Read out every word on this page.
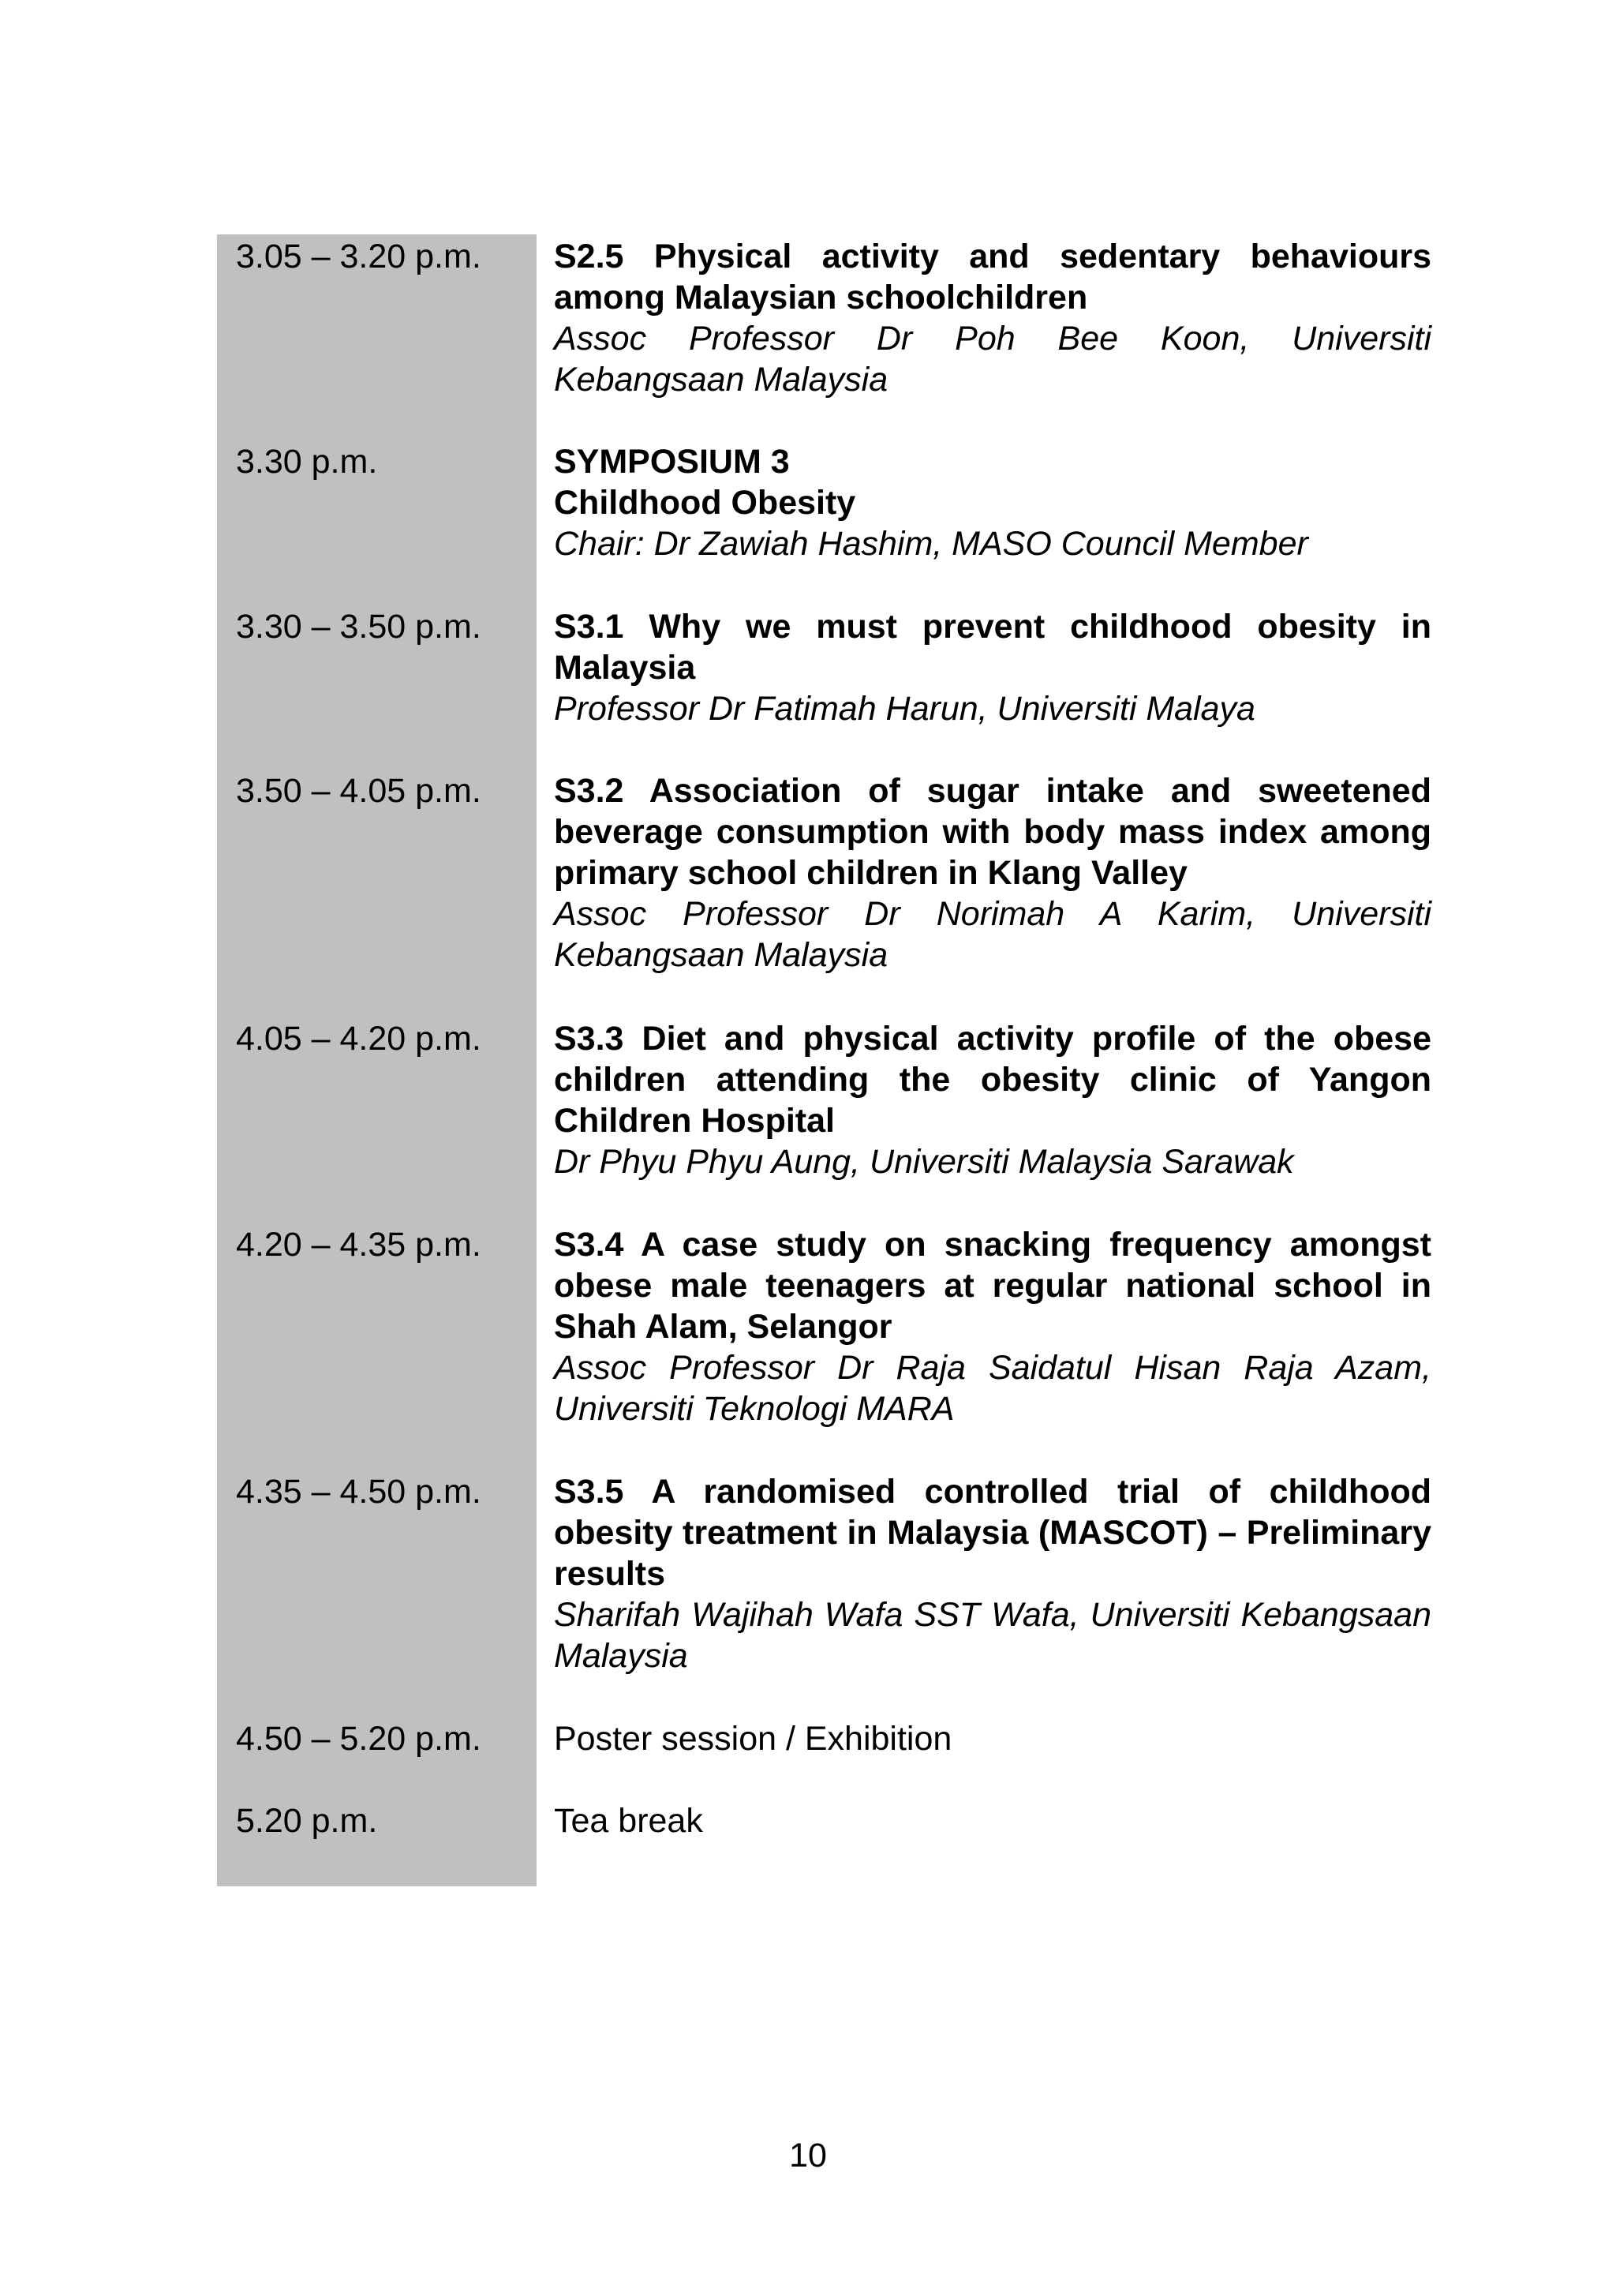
3.05 – 3.20 p.m. S2.5 Physical activity and sedentary behaviours among Malaysian schoolchildren
Assoc Professor Dr Poh Bee Koon, Universiti Kebangsaan Malaysia
3.30 p.m.	SYMPOSIUM 3
Childhood Obesity
Chair: Dr Zawiah Hashim, MASO Council Member
3.30 – 3.50 p.m. S3.1 Why we must prevent childhood obesity in Malaysia
Professor Dr Fatimah Harun, Universiti Malaya
3.50 – 4.05 p.m. S3.2 Association of sugar intake and sweetened beverage consumption with body mass index among primary school children in Klang Valley
Assoc Professor Dr Norimah A Karim, Universiti Kebangsaan Malaysia
4.05 – 4.20 p.m. S3.3 Diet and physical activity profile of the obese children attending the obesity clinic of Yangon Children Hospital
Dr Phyu Phyu Aung, Universiti Malaysia Sarawak
4.20 – 4.35 p.m. S3.4 A case study on snacking frequency amongst obese male teenagers at regular national school in Shah Alam, Selangor
Assoc Professor Dr Raja Saidatul Hisan Raja Azam, Universiti Teknologi MARA
4.35 – 4.50 p.m. S3.5 A randomised controlled trial of childhood obesity treatment in Malaysia (MASCOT) – Preliminary results
Sharifah Wajihah Wafa SST Wafa, Universiti Kebangsaan Malaysia
4.50 – 5.20 p.m. Poster session / Exhibition
5.20 p.m.	Tea break
10
